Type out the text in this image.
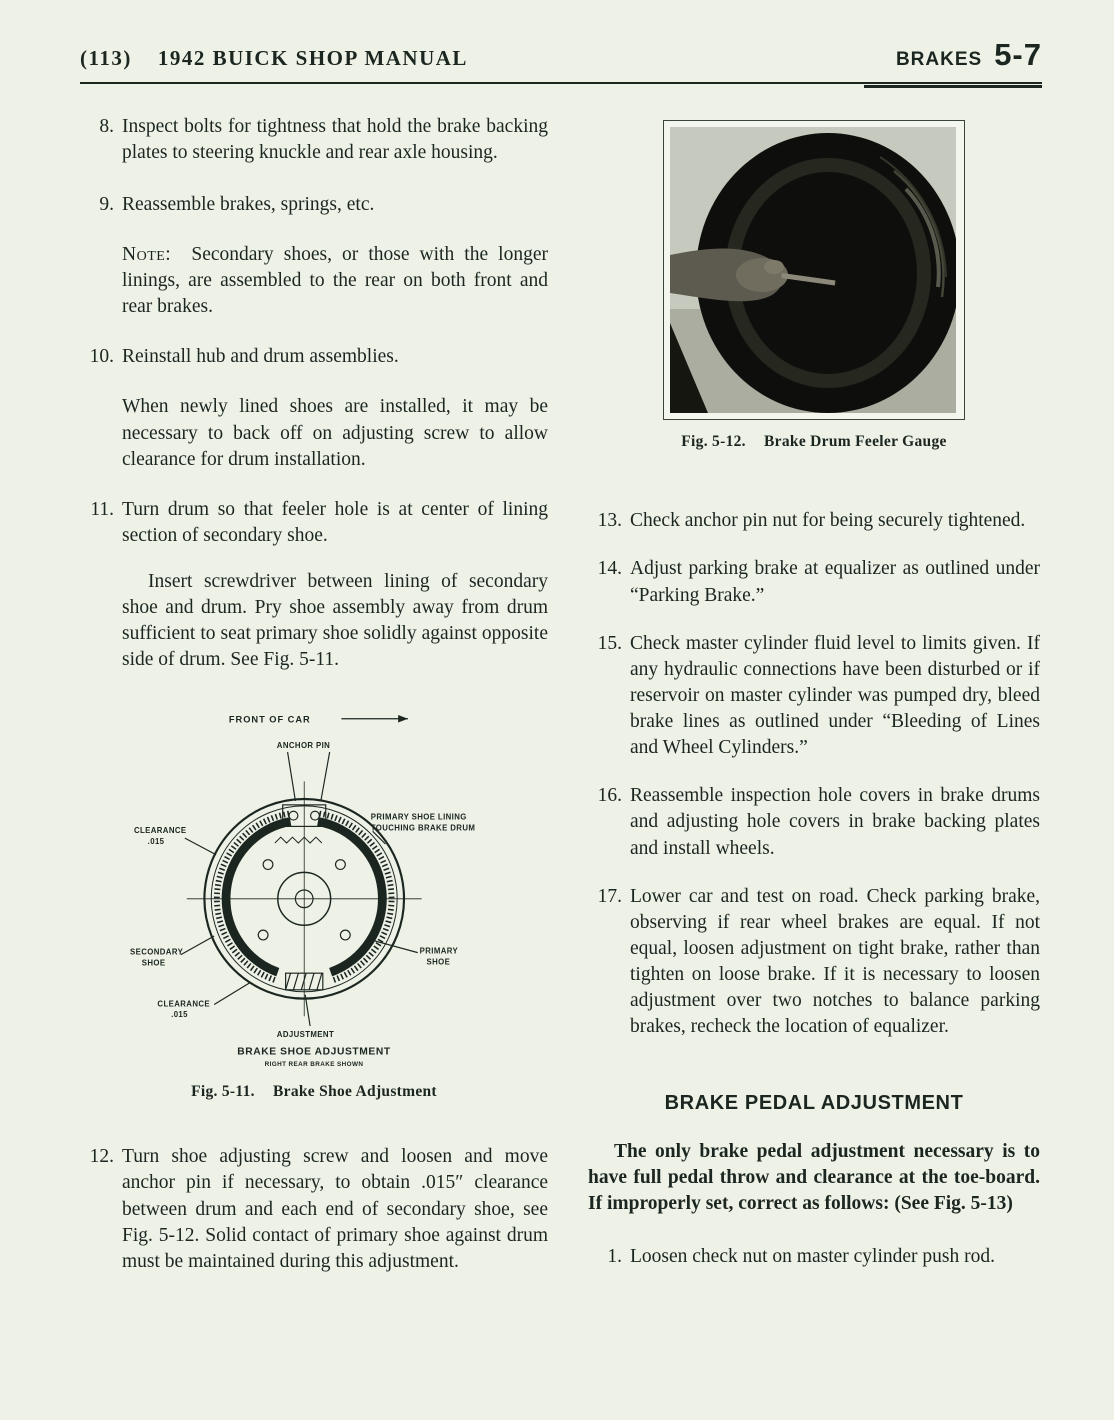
(113) 1942 BUICK SHOP MANUAL	BRAKES 5-7
8. Inspect bolts for tightness that hold the brake backing plates to steering knuckle and rear axle housing.
9. Reassemble brakes, springs, etc.
Note: Secondary shoes, or those with the longer linings, are assembled to the rear on both front and rear brakes.
10. Reinstall hub and drum assemblies.
When newly lined shoes are installed, it may be necessary to back off on adjusting screw to allow clearance for drum installation.
11. Turn drum so that feeler hole is at center of lining section of secondary shoe.
Insert screwdriver between lining of secondary shoe and drum. Pry shoe assembly away from drum sufficient to seat primary shoe solidly against opposite side of drum. See Fig. 5-11.
FRONT OF CAR
ANCHOR PIN
CLEARANCE
.015
PRIMARY SHOE LINING
TOUCHING BRAKE DRUM
SECONDARY
SHOE
PRIMARY
SHOE
CLEARANCE
.015
ADJUSTMENT
BRAKE SHOE ADJUSTMENT
RIGHT REAR BRAKE SHOWN
Fig. 5-11. Brake Shoe Adjustment
12. Turn shoe adjusting screw and loosen and move anchor pin if necessary, to obtain .015″ clearance between drum and each end of secondary shoe, see Fig. 5-12. Solid contact of primary shoe against drum must be maintained during this adjustment.
Fig. 5-12. Brake Drum Feeler Gauge
13. Check anchor pin nut for being securely tightened.
14. Adjust parking brake at equalizer as outlined under “Parking Brake.”
15. Check master cylinder fluid level to limits given. If any hydraulic connections have been disturbed or if reservoir on master cylinder was pumped dry, bleed brake lines as outlined under “Bleeding of Lines and Wheel Cylinders.”
16. Reassemble inspection hole covers in brake drums and adjusting hole covers in brake backing plates and install wheels.
17. Lower car and test on road. Check parking brake, observing if rear wheel brakes are equal. If not equal, loosen adjustment on tight brake, rather than tighten on loose brake. If it is necessary to loosen adjustment over two notches to balance parking brakes, recheck the location of equalizer.
BRAKE PEDAL ADJUSTMENT
The only brake pedal adjustment necessary is to have full pedal throw and clearance at the toe-board. If improperly set, correct as follows: (See Fig. 5-13)
1. Loosen check nut on master cylinder push rod.
